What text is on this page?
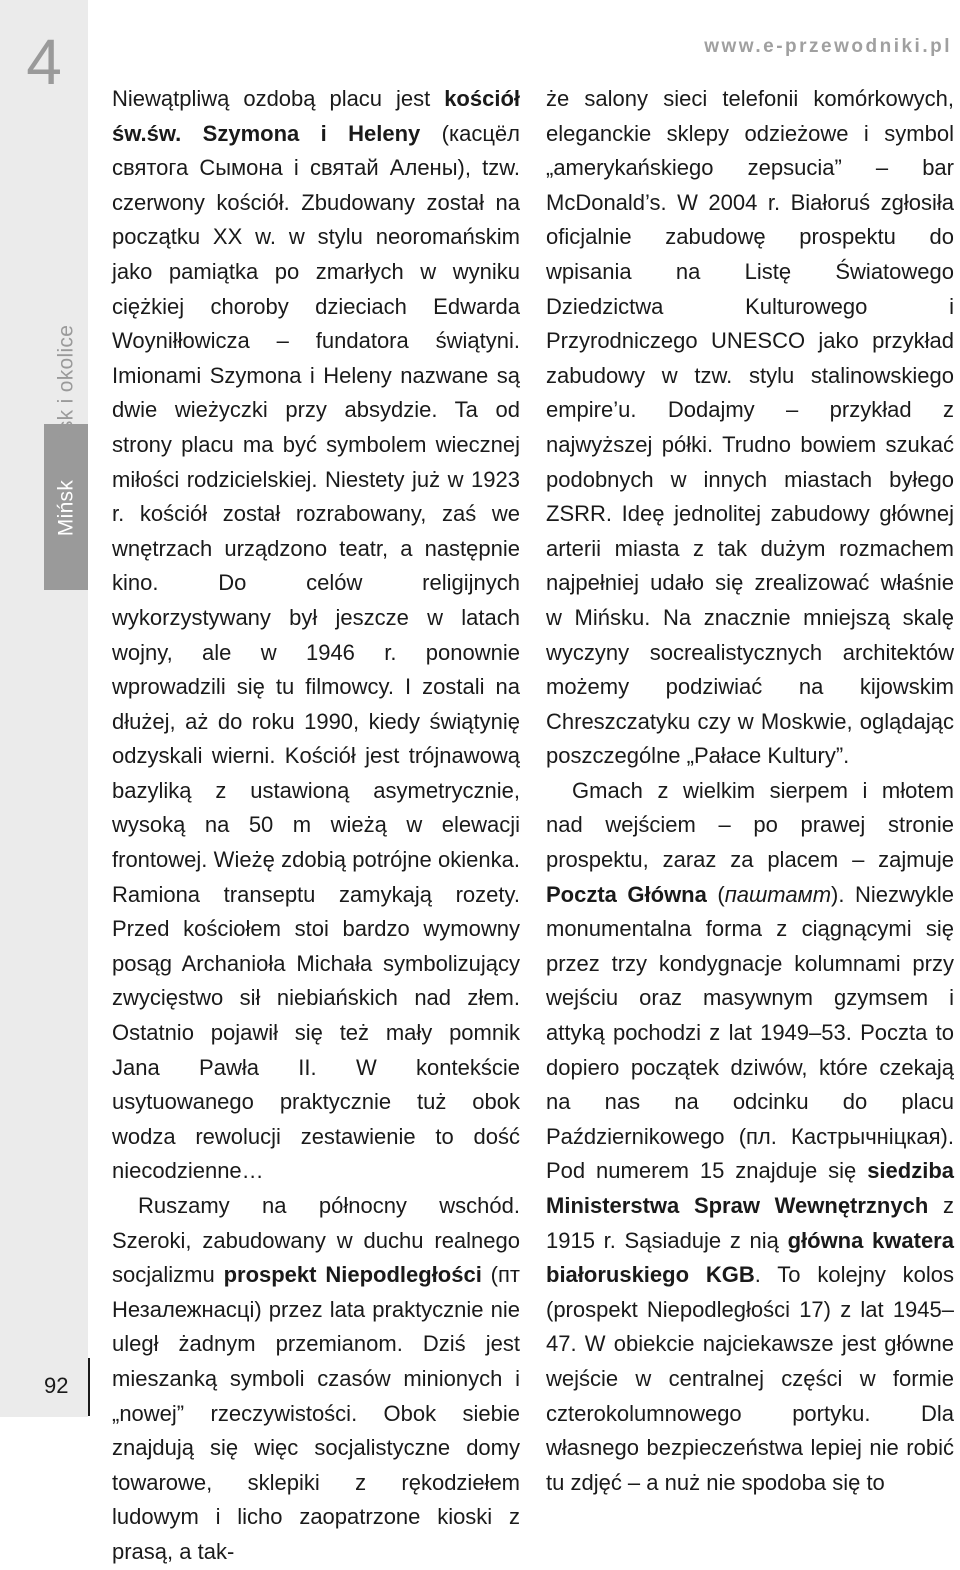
4
MińskMińsk i okolice
92
www.e-przewodniki.pl

Niewątpliwą ozdobą placu jest kościół św.św. Szymona i Heleny (касцёл святога Сымона і святай Алены), tzw. czerwony kościół. Zbudowany został na początku XX w. w stylu neoromańskim jako pamiątka po zmarłych w wyniku ciężkiej choroby dzieciach Edwarda Woyniłłowicza – fundatora świątyni. Imionami Szymona i Heleny nazwane są dwie wieżyczki przy absydzie. Ta od strony placu ma być symbolem wiecznej miłości rodzicielskiej. Niestety już w 1923 r. kościół został rozrabowany, zaś we wnętrzach urządzono teatr, a następnie kino. Do celów religijnych wykorzystywany był jeszcze w latach wojny, ale w 1946 r. ponownie wprowadzili się tu filmowcy. I zostali na dłużej, aż do roku 1990, kiedy świątynię odzyskali wierni. Kościół jest trójnawową bazyliką z ustawioną asymetrycznie, wysoką na 50 m wieżą w elewacji frontowej. Wieżę zdobią potrójne okienka. Ramiona transeptu zamykają rozety. Przed kościołem stoi bardzo wymowny posąg Archanioła Michała symbolizujący zwycięstwo sił niebiańskich nad złem. Ostatnio pojawił się też mały pomnik Jana Pawła II. W kontekście usytuowanego praktycznie tuż obok wodza rewolucji zestawienie to dość niecodzienne…

Ruszamy na północny wschód. Szeroki, zabudowany w duchu realnego socjalizmu prospekt Niepodległości (пт Незалежнасці) przez lata praktycznie nie uległ żadnym przemianom. Dziś jest mieszanką symboli czasów minionych i „nowej” rzeczywistości. Obok siebie znajdują się więc socjalistyczne domy towarowe, sklepiki z rękodziełem ludowym i licho zaopatrzone kioski z prasą, a tak-

że salony sieci telefonii komórkowych, eleganckie sklepy odzieżowe i symbol „amerykańskiego zepsucia” – bar McDonald’s. W 2004 r. Białoruś zgłosiła oficjalnie zabudowę prospektu do wpisania na Listę Światowego Dziedzictwa Kulturowego i Przyrodniczego UNESCO jako przykład zabudowy w tzw. stylu stalinowskiego empire’u. Dodajmy – przykład z najwyższej półki. Trudno bowiem szukać podobnych w innych miastach byłego ZSRR. Ideę jednolitej zabudowy głównej arterii miasta z tak dużym rozmachem najpełniej udało się zrealizować właśnie w Mińsku. Na znacznie mniejszą skalę wyczyny socrealistycznych architektów możemy podziwiać na kijowskim Chreszczatyku czy w Moskwie, oglądając poszczególne „Pałace Kultury”.

Gmach z wielkim sierpem i młotem nad wejściem – po prawej stronie prospektu, zaraz za placem – zajmuje Poczta Główna (паштамт). Niezwykle monumentalna forma z ciągnącymi się przez trzy kondygnacje kolumnami przy wejściu oraz masywnym gzymsem i attyką pochodzi z lat 1949–53. Poczta to dopiero początek dziwów, które czekają na nas na odcinku do placu Październikowego (пл. Кастрычніцкая). Pod numerem 15 znajduje się siedziba Ministerstwa Spraw Wewnętrznych z 1915 r. Sąsiaduje z nią główna kwatera białoruskiego KGB. To kolejny kolos (prospekt Niepodległości 17) z lat 1945–47. W obiekcie najciekawsze jest główne wejście w centralnej części w formie czterokolumnowego portyku. Dla własnego bezpieczeństwa lepiej nie robić tu zdjęć – a nuż nie spodoba się to
